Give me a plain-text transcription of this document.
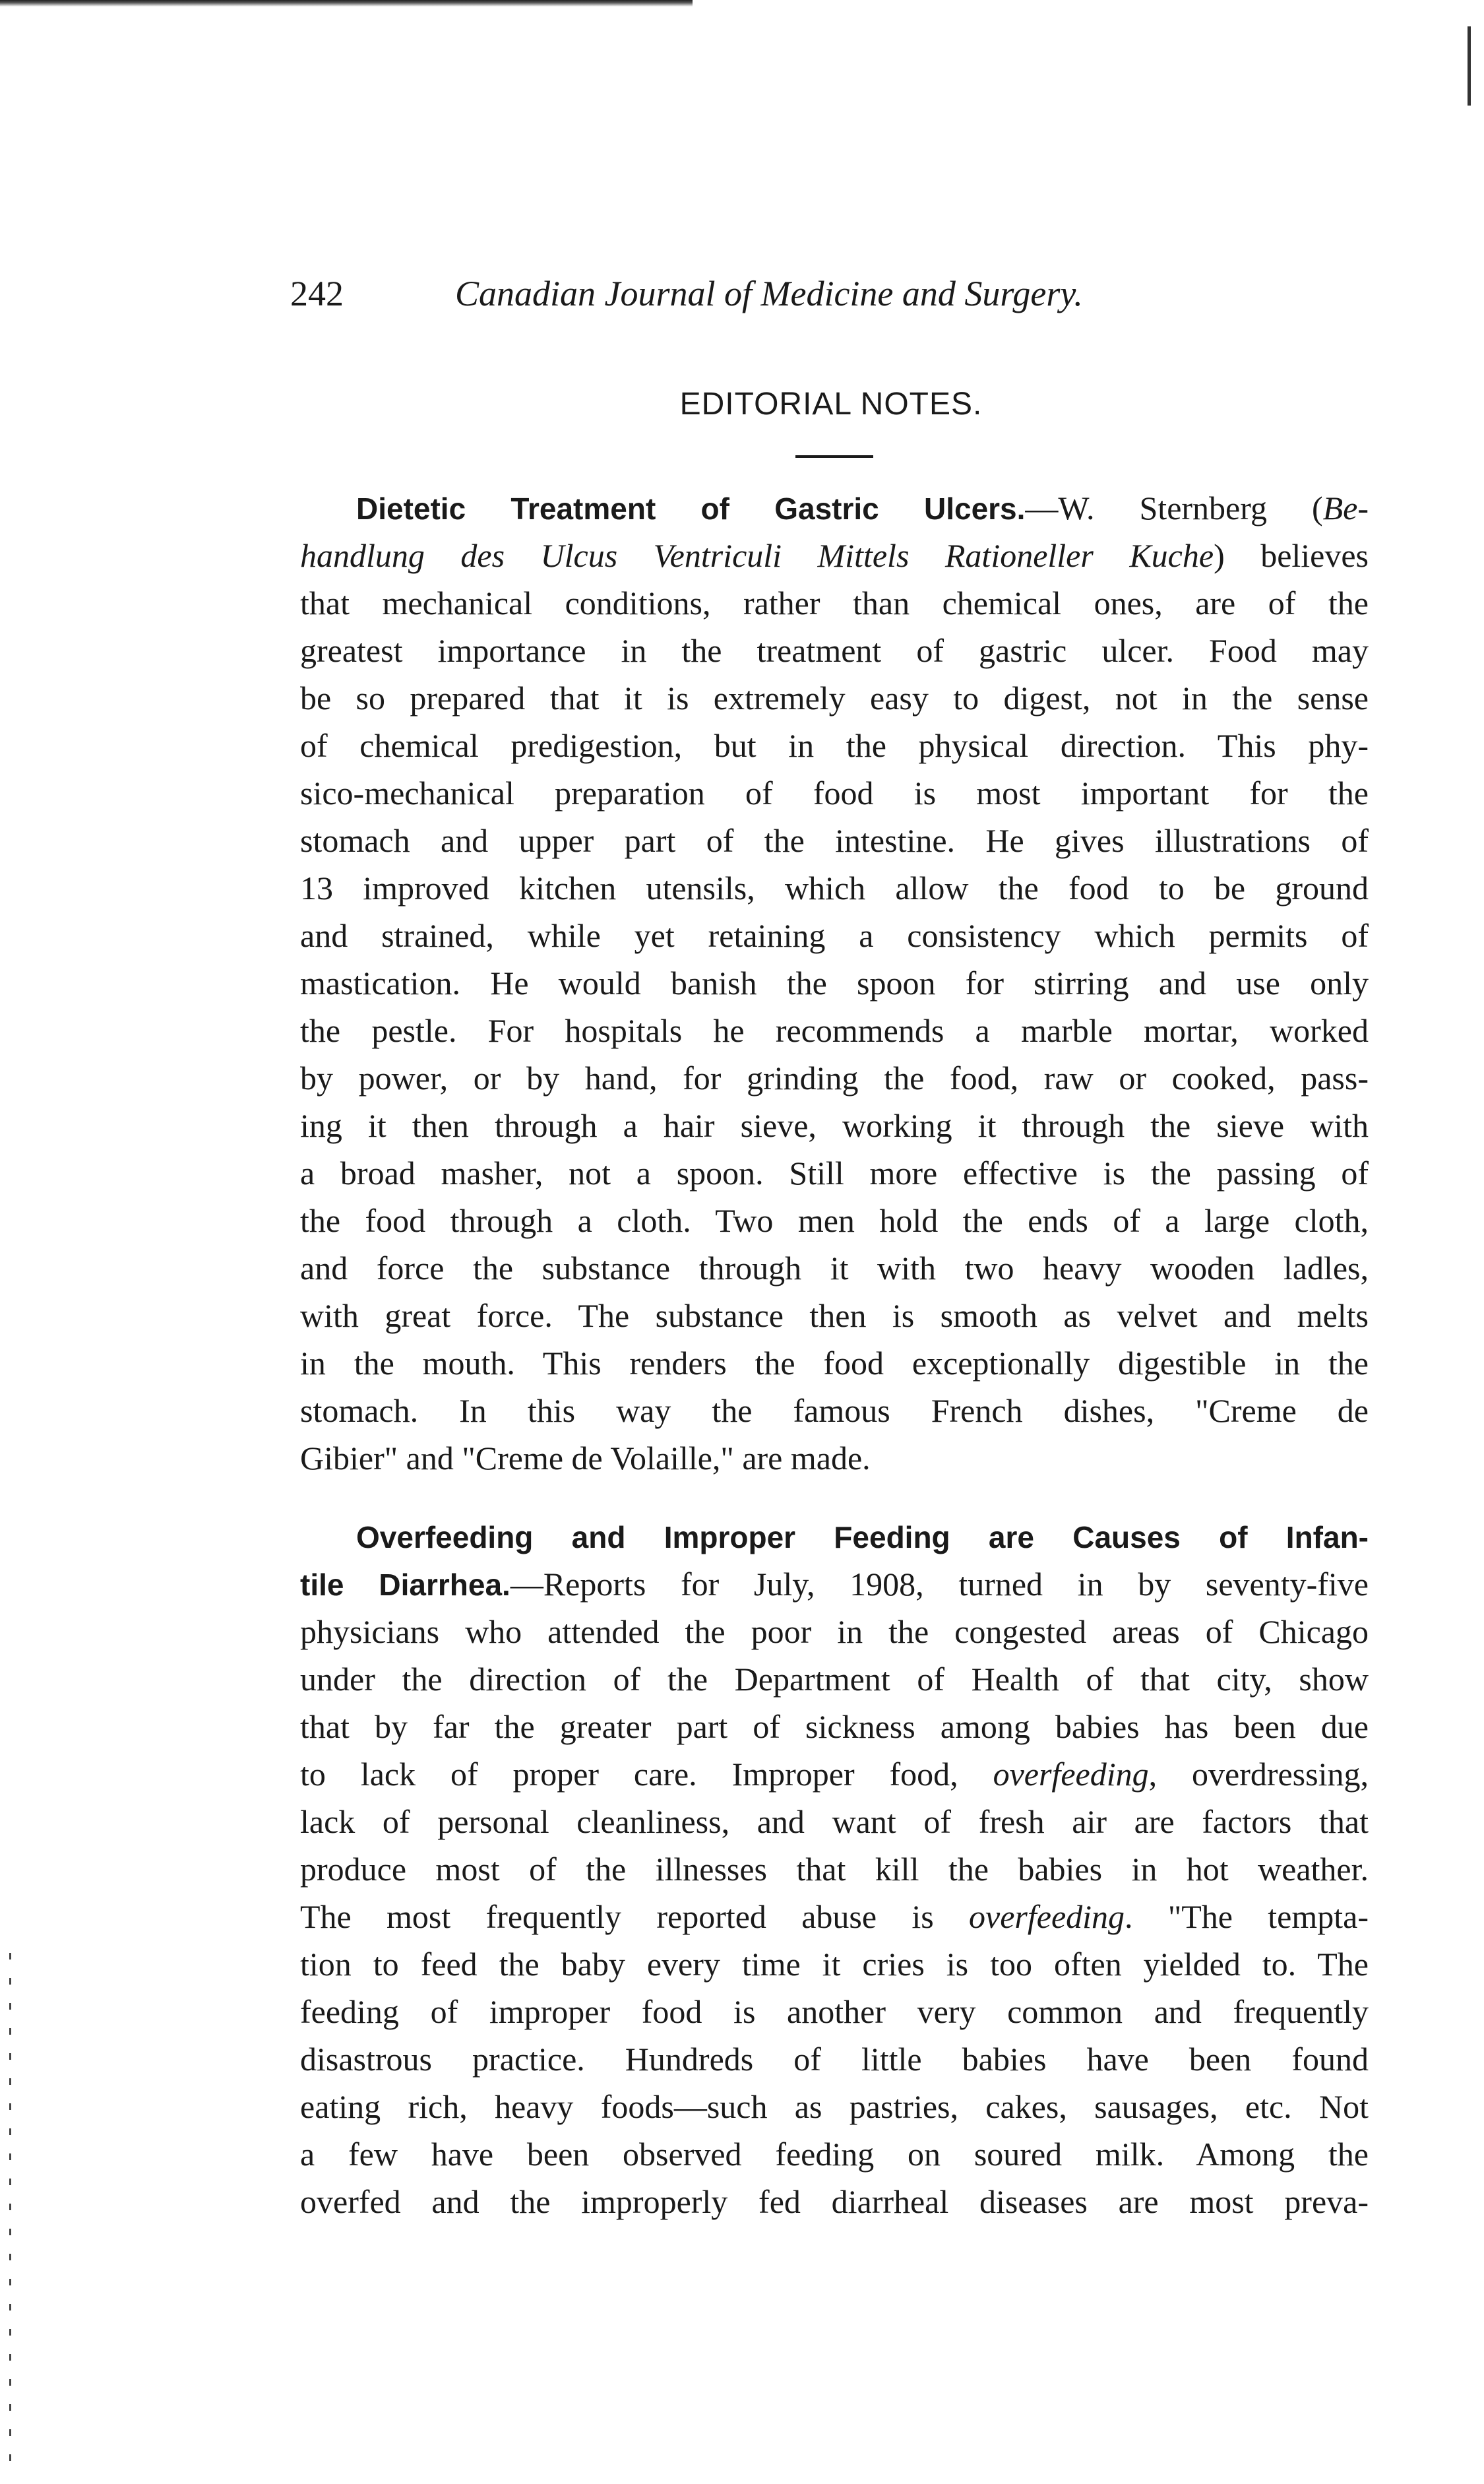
242	Canadian Journal of Medicine and Surgery.
EDITORIAL NOTES.
Dietetic Treatment of Gastric Ulcers.—W. Sternberg (Be-
handlung des Ulcus Ventriculi Mittels Rationeller Kuche) believes
that mechanical conditions, rather than chemical ones, are of the
greatest importance in the treatment of gastric ulcer. Food may
be so prepared that it is extremely easy to digest, not in the sense
of chemical predigestion, but in the physical direction. This phy-
sico-mechanical preparation of food is most important for the
stomach and upper part of the intestine. He gives illustrations of
13 improved kitchen utensils, which allow the food to be ground
and strained, while yet retaining a consistency which permits of
mastication. He would banish the spoon for stirring and use only
the pestle. For hospitals he recommends a marble mortar, worked
by power, or by hand, for grinding the food, raw or cooked, pass-
ing it then through a hair sieve, working it through the sieve with
a broad masher, not a spoon. Still more effective is the passing of
the food through a cloth. Two men hold the ends of a large cloth,
and force the substance through it with two heavy wooden ladles,
with great force. The substance then is smooth as velvet and melts
in the mouth. This renders the food exceptionally digestible in the
stomach. In this way the famous French dishes, "Creme de
Gibier" and "Creme de Volaille," are made.
Overfeeding and Improper Feeding are Causes of Infan-
tile Diarrhea.—Reports for July, 1908, turned in by seventy-five
physicians who attended the poor in the congested areas of Chicago
under the direction of the Department of Health of that city, show
that by far the greater part of sickness among babies has been due
to lack of proper care. Improper food, overfeeding, overdressing,
lack of personal cleanliness, and want of fresh air are factors that
produce most of the illnesses that kill the babies in hot weather.
The most frequently reported abuse is overfeeding. "The tempta-
tion to feed the baby every time it cries is too often yielded to. The
feeding of improper food is another very common and frequently
disastrous practice. Hundreds of little babies have been found
eating rich, heavy foods—such as pastries, cakes, sausages, etc. Not
a few have been observed feeding on soured milk. Among the
overfed and the improperly fed diarrheal diseases are most preva-
